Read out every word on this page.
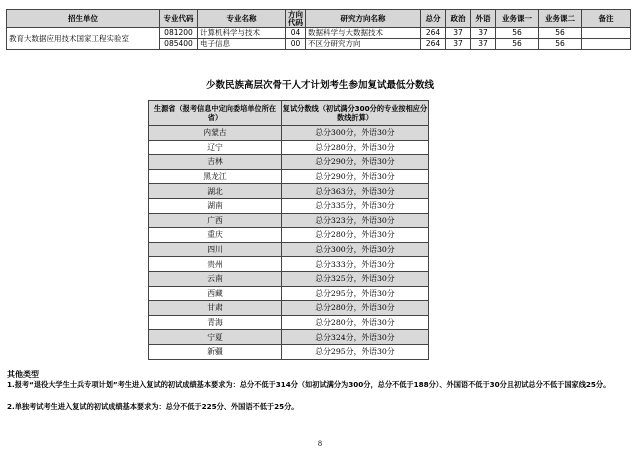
招生单位	专业代码	专业名称	方向代码	研究方向名称	总分	政治	外语	业务课一	业务课二	备注
教育大数据应用技术国家工程实验室	081200	计算机科学与技术	04	数据科学与大数据技术	264	37	37	56	56	
	085400	电子信息	00	不区分研究方向	264	37	37	56	56	
少数民族高层次骨干人才计划考生参加复试最低分数线
生源省（报考信息中定向委培单位所在省）	复试分数线（初试满分300分的专业按相应分数线折算）
内蒙古	总分300分，外语30分
辽宁	总分280分，外语30分
吉林	总分290分，外语30分
黑龙江	总分290分，外语30分
湖北	总分363分，外语30分
湖南	总分335分，外语30分
广西	总分323分，外语30分
重庆	总分280分，外语30分
四川	总分300分，外语30分
贵州	总分333分，外语30分
云南	总分325分，外语30分
西藏	总分295分，外语30分
甘肃	总分280分，外语30分
青海	总分280分，外语30分
宁夏	总分324分，外语30分
新疆	总分295分，外语30分
其他类型
1.报考“退役大学生士兵专项计划”考生进入复试的初试成绩基本要求为：总分不低于314分（如初试满分为300分，总分不低于188分）、外国语不低于30分且初试总分不低于国家线25分。
2.单独考试考生进入复试的初试成绩基本要求为：总分不低于225分、外国语不低于25分。
8
